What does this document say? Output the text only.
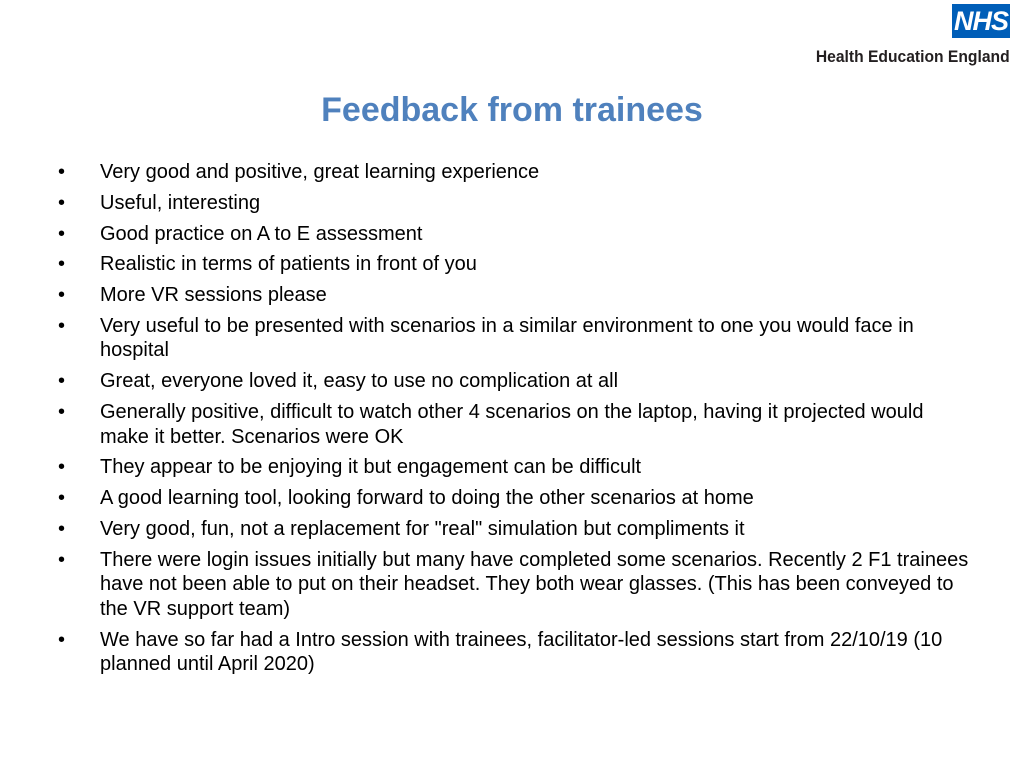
NHS
Health Education England
Feedback from trainees
• Very good and positive, great learning experience
• Useful, interesting
• Good practice on A to E assessment
• Realistic in terms of patients in front of you
• More VR sessions please
• Very useful to be presented with scenarios in a similar environment to one you would face in hospital
• Great, everyone loved it, easy to use no complication at all
• Generally positive, difficult to watch other 4 scenarios on the laptop, having it projected would make it better. Scenarios were OK
• They appear to be enjoying it but engagement can be difficult
• A good learning tool, looking forward to doing the other scenarios at home
• Very good, fun, not a replacement for "real" simulation but compliments it
• There were login issues initially but many have completed some scenarios. Recently 2 F1 trainees have not been able to put on their headset. They both wear glasses. (This has been conveyed to the VR support team)
• We have so far had a Intro session with trainees, facilitator-led sessions start from 22/10/19 (10 planned until April 2020)
